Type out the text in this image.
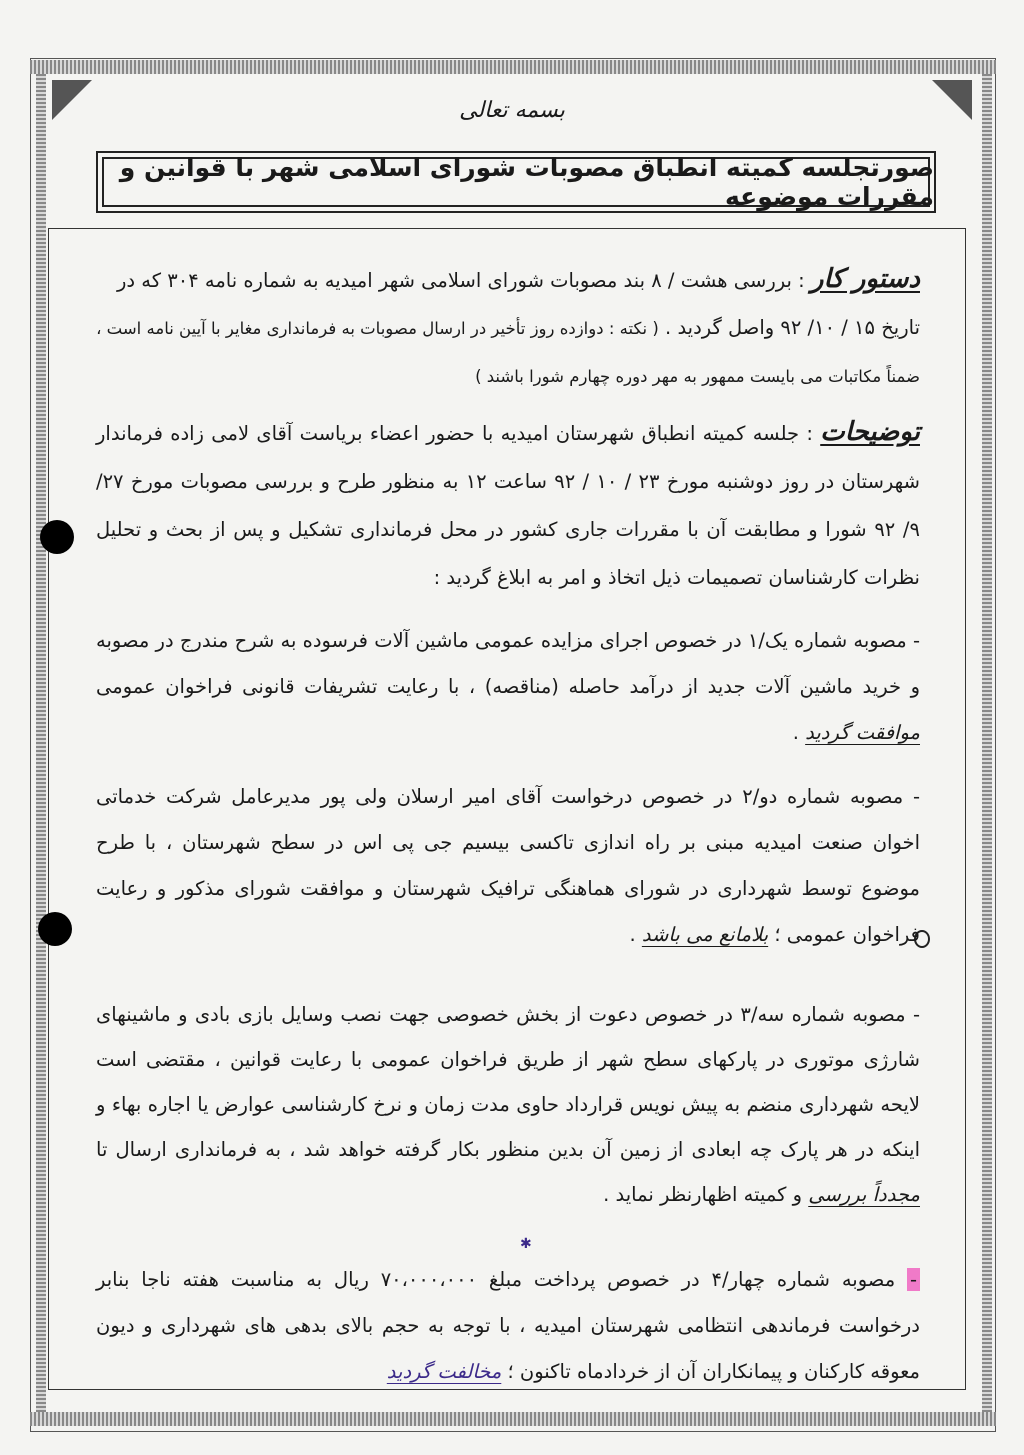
بسمه تعالی
صورتجلسه کمیته انطباق مصوبات شورای اسلامی شهر با قوانین و مقررات موضوعه

دستور کار : بررسی هشت / ۸ بند مصوبات شورای اسلامی شهر امیدیه به شماره نامه ۳۰۴ که در
تاریخ ۱۵ / ۱۰/ ۹۲ واصل گردید . ( نکته : دوازده روز تأخیر در ارسال مصوبات به فرمانداری مغایر با آیین نامه است ،
ضمناً مکاتبات می بایست ممهور به مهر دوره چهارم شورا باشند )

توضیحات : جلسه کمیته انطباق شهرستان امیدیه با حضور اعضاء بریاست آقای لامی زاده فرماندار شهرستان در روز دوشنبه مورخ ۲۳ / ۱۰ / ۹۲ ساعت ۱۲ به منظور طرح و بررسی مصوبات مورخ ۲۷/ ۹/ ۹۲ شورا و مطابقت آن با مقررات جاری کشور در محل فرمانداری تشکیل و پس از بحث و تحلیل نظرات کارشناسان تصمیمات ذیل اتخاذ و امر به ابلاغ گردید :

- مصوبه شماره یک/۱ در خصوص اجرای مزایده عمومی ماشین آلات فرسوده به شرح مندرج در مصوبه و خرید ماشین آلات جدید از درآمد حاصله (مناقصه) ، با رعایت تشریفات قانونی فراخوان عمومی موافقت گردید .

- مصوبه شماره دو/۲ در خصوص درخواست آقای امیر ارسلان ولی پور مدیرعامل شرکت خدماتی اخوان صنعت امیدیه مبنی بر راه اندازی تاکسی بیسیم جی پی اس در سطح شهرستان ، با طرح موضوع توسط شهرداری در شورای هماهنگی ترافیک شهرستان و موافقت شورای مذکور و رعایت فراخوان عمومی ؛ بلامانع می باشد .

- مصوبه شماره سه/۳ در خصوص دعوت از بخش خصوصی جهت نصب وسایل بازی بادی و ماشینهای شارژی موتوری در پارکهای سطح شهر از طریق فراخوان عمومی با رعایت قوانین ، مقتضی است لایحه شهرداری منضم به پیش نویس قرارداد حاوی مدت زمان و نرخ کارشناسی عوارض یا اجاره بهاء و اینکه در هر پارک چه ابعادی از زمین آن بدین منظور بکار گرفته خواهد شد ، به فرمانداری ارسال تا مجدداً بررسی و کمیته اظهارنظر نماید .

- مصوبه شماره چهار/۴ در خصوص پرداخت مبلغ ۷۰،۰۰۰،۰۰۰ ریال به مناسبت هفته ناجا بنابر درخواست فرماندهی انتظامی شهرستان امیدیه ، با توجه به حجم بالای بدهی های شهرداری و دیون معوقه کارکنان و پیمانکاران آن از خردادماه تاکنون ؛ مخالفت گردید

✱
